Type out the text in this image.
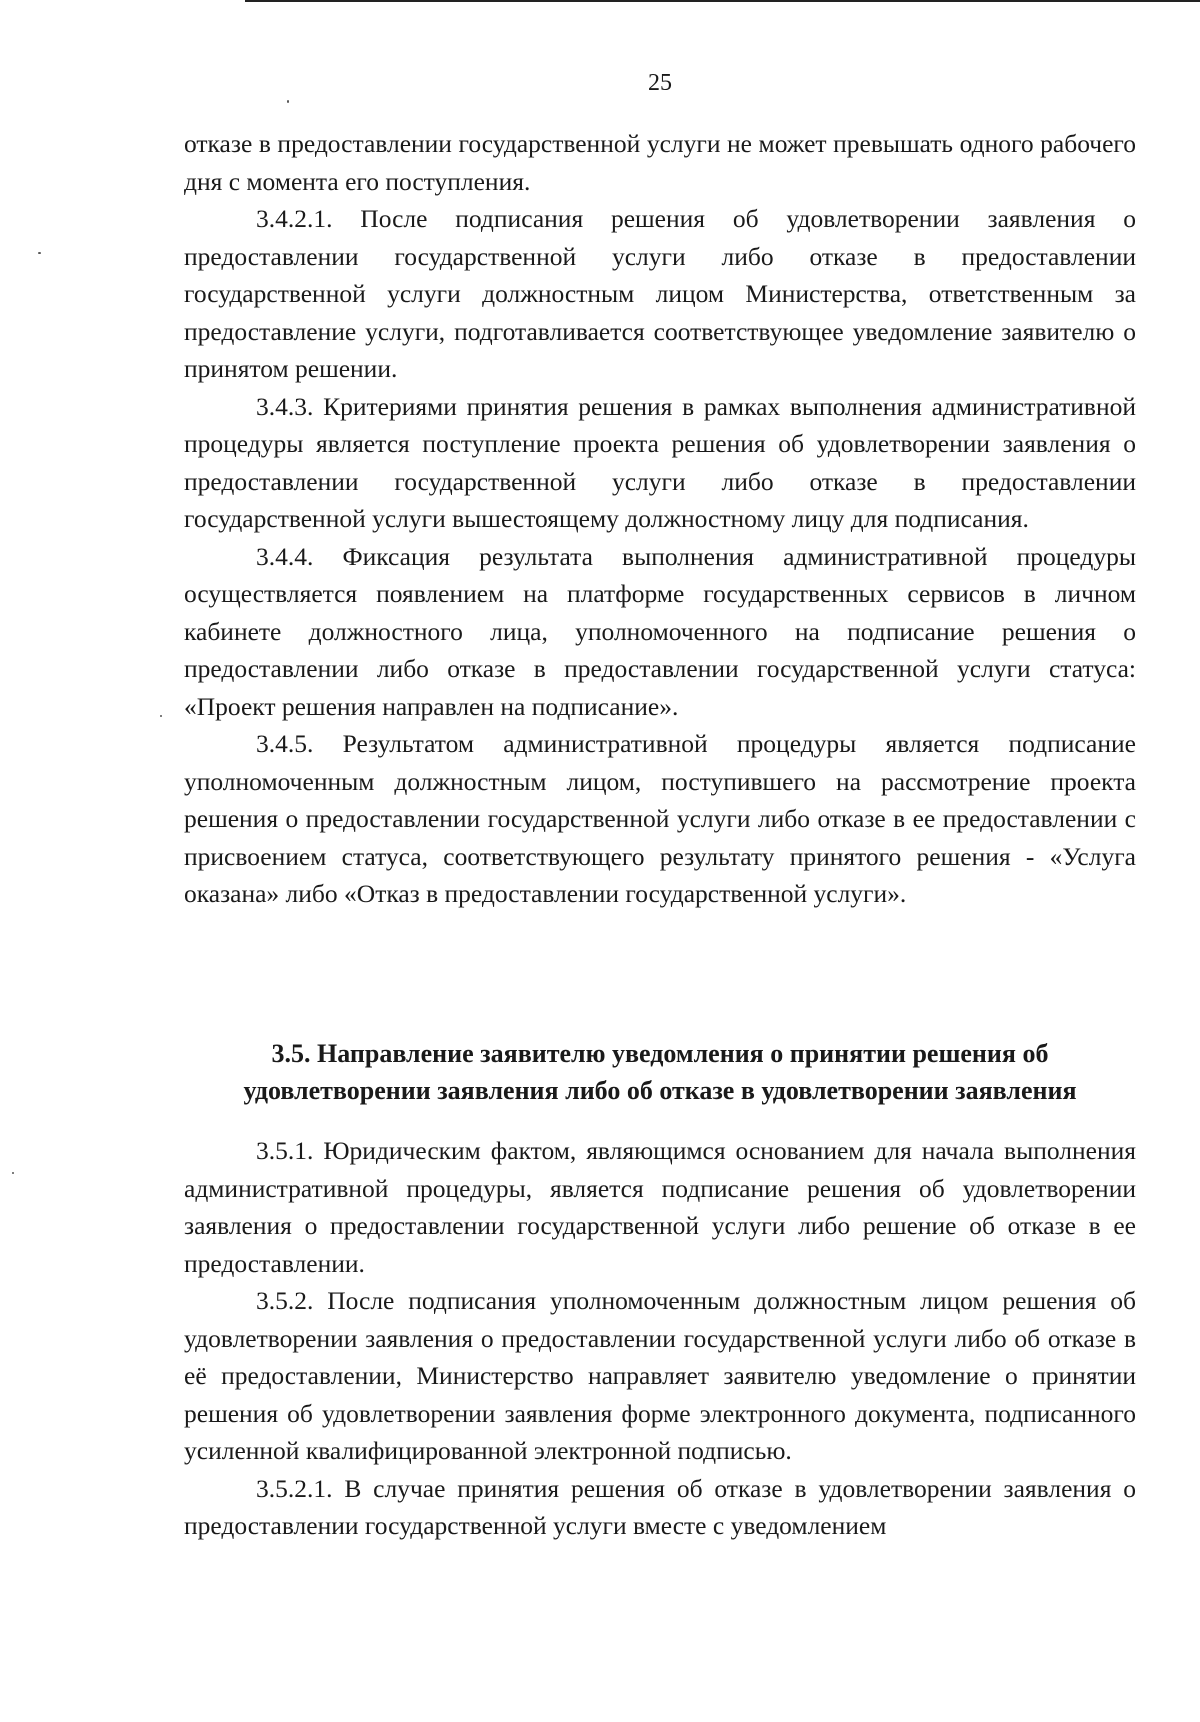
25

отказе в предоставлении государственной услуги не может превышать одного рабочего дня с момента его поступления.

3.4.2.1. После подписания решения об удовлетворении заявления о предоставлении государственной услуги либо отказе в предоставлении государственной услуги должностным лицом Министерства, ответственным за предоставление услуги, подготавливается соответствующее уведомление заявителю о принятом решении.

3.4.3. Критериями принятия решения в рамках выполнения административной процедуры является поступление проекта решения об удовлетворении заявления о предоставлении государственной услуги либо отказе в предоставлении государственной услуги вышестоящему должностному лицу для подписания.

3.4.4. Фиксация результата выполнения административной процедуры осуществляется появлением на платформе государственных сервисов в личном кабинете должностного лица, уполномоченного на подписание решения о предоставлении либо отказе в предоставлении государственной услуги статуса: «Проект решения направлен на подписание».

3.4.5. Результатом административной процедуры является подписание уполномоченным должностным лицом, поступившего на рассмотрение проекта решения о предоставлении государственной услуги либо отказе в ее предоставлении с присвоением статуса, соответствующего результату принятого решения - «Услуга оказана» либо «Отказ в предоставлении государственной услуги».

3.5. Направление заявителю уведомления о принятии решения об
удовлетворении заявления либо об отказе в удовлетворении заявления

3.5.1. Юридическим фактом, являющимся основанием для начала выполнения административной процедуры, является подписание решения об удовлетворении заявления о предоставлении государственной услуги либо решение об отказе в ее предоставлении.

3.5.2. После подписания уполномоченным должностным лицом решения об удовлетворении заявления о предоставлении государственной услуги либо об отказе в её предоставлении, Министерство направляет заявителю уведомление о принятии решения об удовлетворении заявления форме электронного документа, подписанного усиленной квалифицированной электронной подписью.

3.5.2.1. В случае принятия решения об отказе в удовлетворении заявления о предоставлении государственной услуги вместе с уведомлением
